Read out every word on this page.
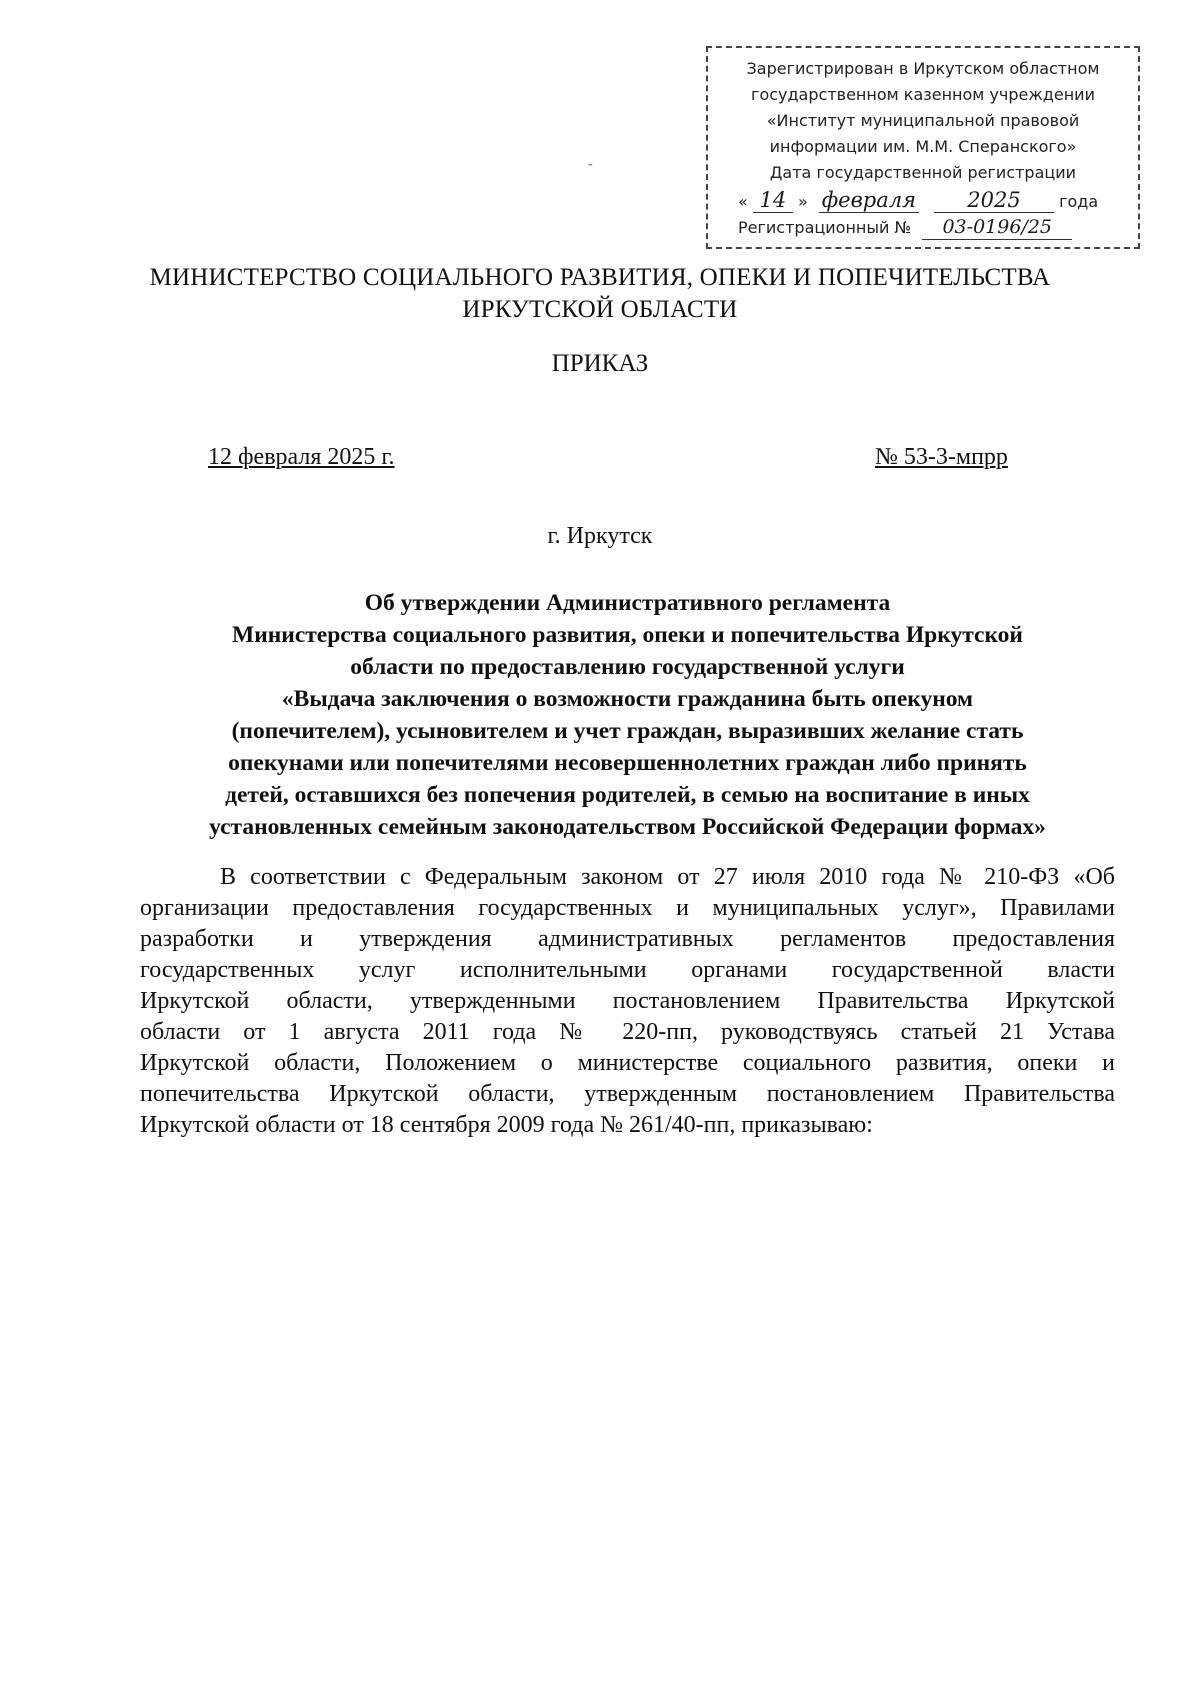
Зарегистрирован в Иркутском областном
государственном казенном учреждении
«Институт муниципальной правовой
информации им. М.М. Сперанского»
Дата государственной регистрации
« 14 » февраля 2025 года
Регистрационный № 03-0196/25
˘
МИНИСТЕРСТВО СОЦИАЛЬНОГО РАЗВИТИЯ, ОПЕКИ И ПОПЕЧИТЕЛЬСТВА
ИРКУТСКОЙ ОБЛАСТИ
ПРИКАЗ
12 февраля 2025 г.	№ 53-3-мпрр
г. Иркутск
Об утверждении Административного регламента
Министерства социального развития, опеки и попечительства Иркутской
области по предоставлению государственной услуги
«Выдача заключения о возможности гражданина быть опекуном
(попечителем), усыновителем и учет граждан, выразивших желание стать
опекунами или попечителями несовершеннолетних граждан либо принять
детей, оставшихся без попечения родителей, в семью на воспитание в иных
установленных семейным законодательством Российской Федерации формах»
В соответствии с Федеральным законом от 27 июля 2010 года № 210-ФЗ «Об
организации предоставления государственных и муниципальных услуг», Правилами
разработки и утверждения административных регламентов предоставления
государственных услуг исполнительными органами государственной власти
Иркутской области, утвержденными постановлением Правительства Иркутской
области от 1 августа 2011 года № 220-пп, руководствуясь статьей 21 Устава
Иркутской области, Положением о министерстве социального развития, опеки и
попечительства Иркутской области, утвержденным постановлением Правительства
Иркутской области от 18 сентября 2009 года № 261/40-пп, приказываю:
